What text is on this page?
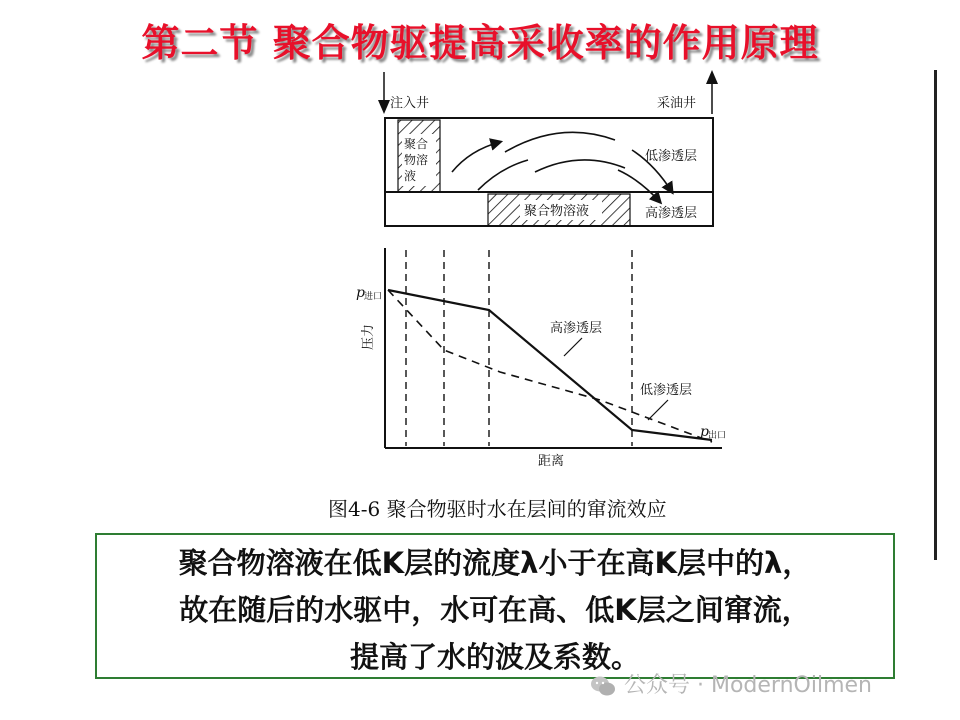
第二节 聚合物驱提高采收率的作用原理
注入井	采油井
聚合
物溶
液
聚合物溶液
低渗透层
高渗透层
p 进口
压力	高渗透层
低渗透层
p 出口
距离
图4-6 聚合物驱时水在层间的窜流效应
聚合物溶液在低K层的流度λ小于在高K层中的λ，
故在随后的水驱中，水可在高、低K层之间窜流，
提高了水的波及系数。
公众号 · ModernOilmen
